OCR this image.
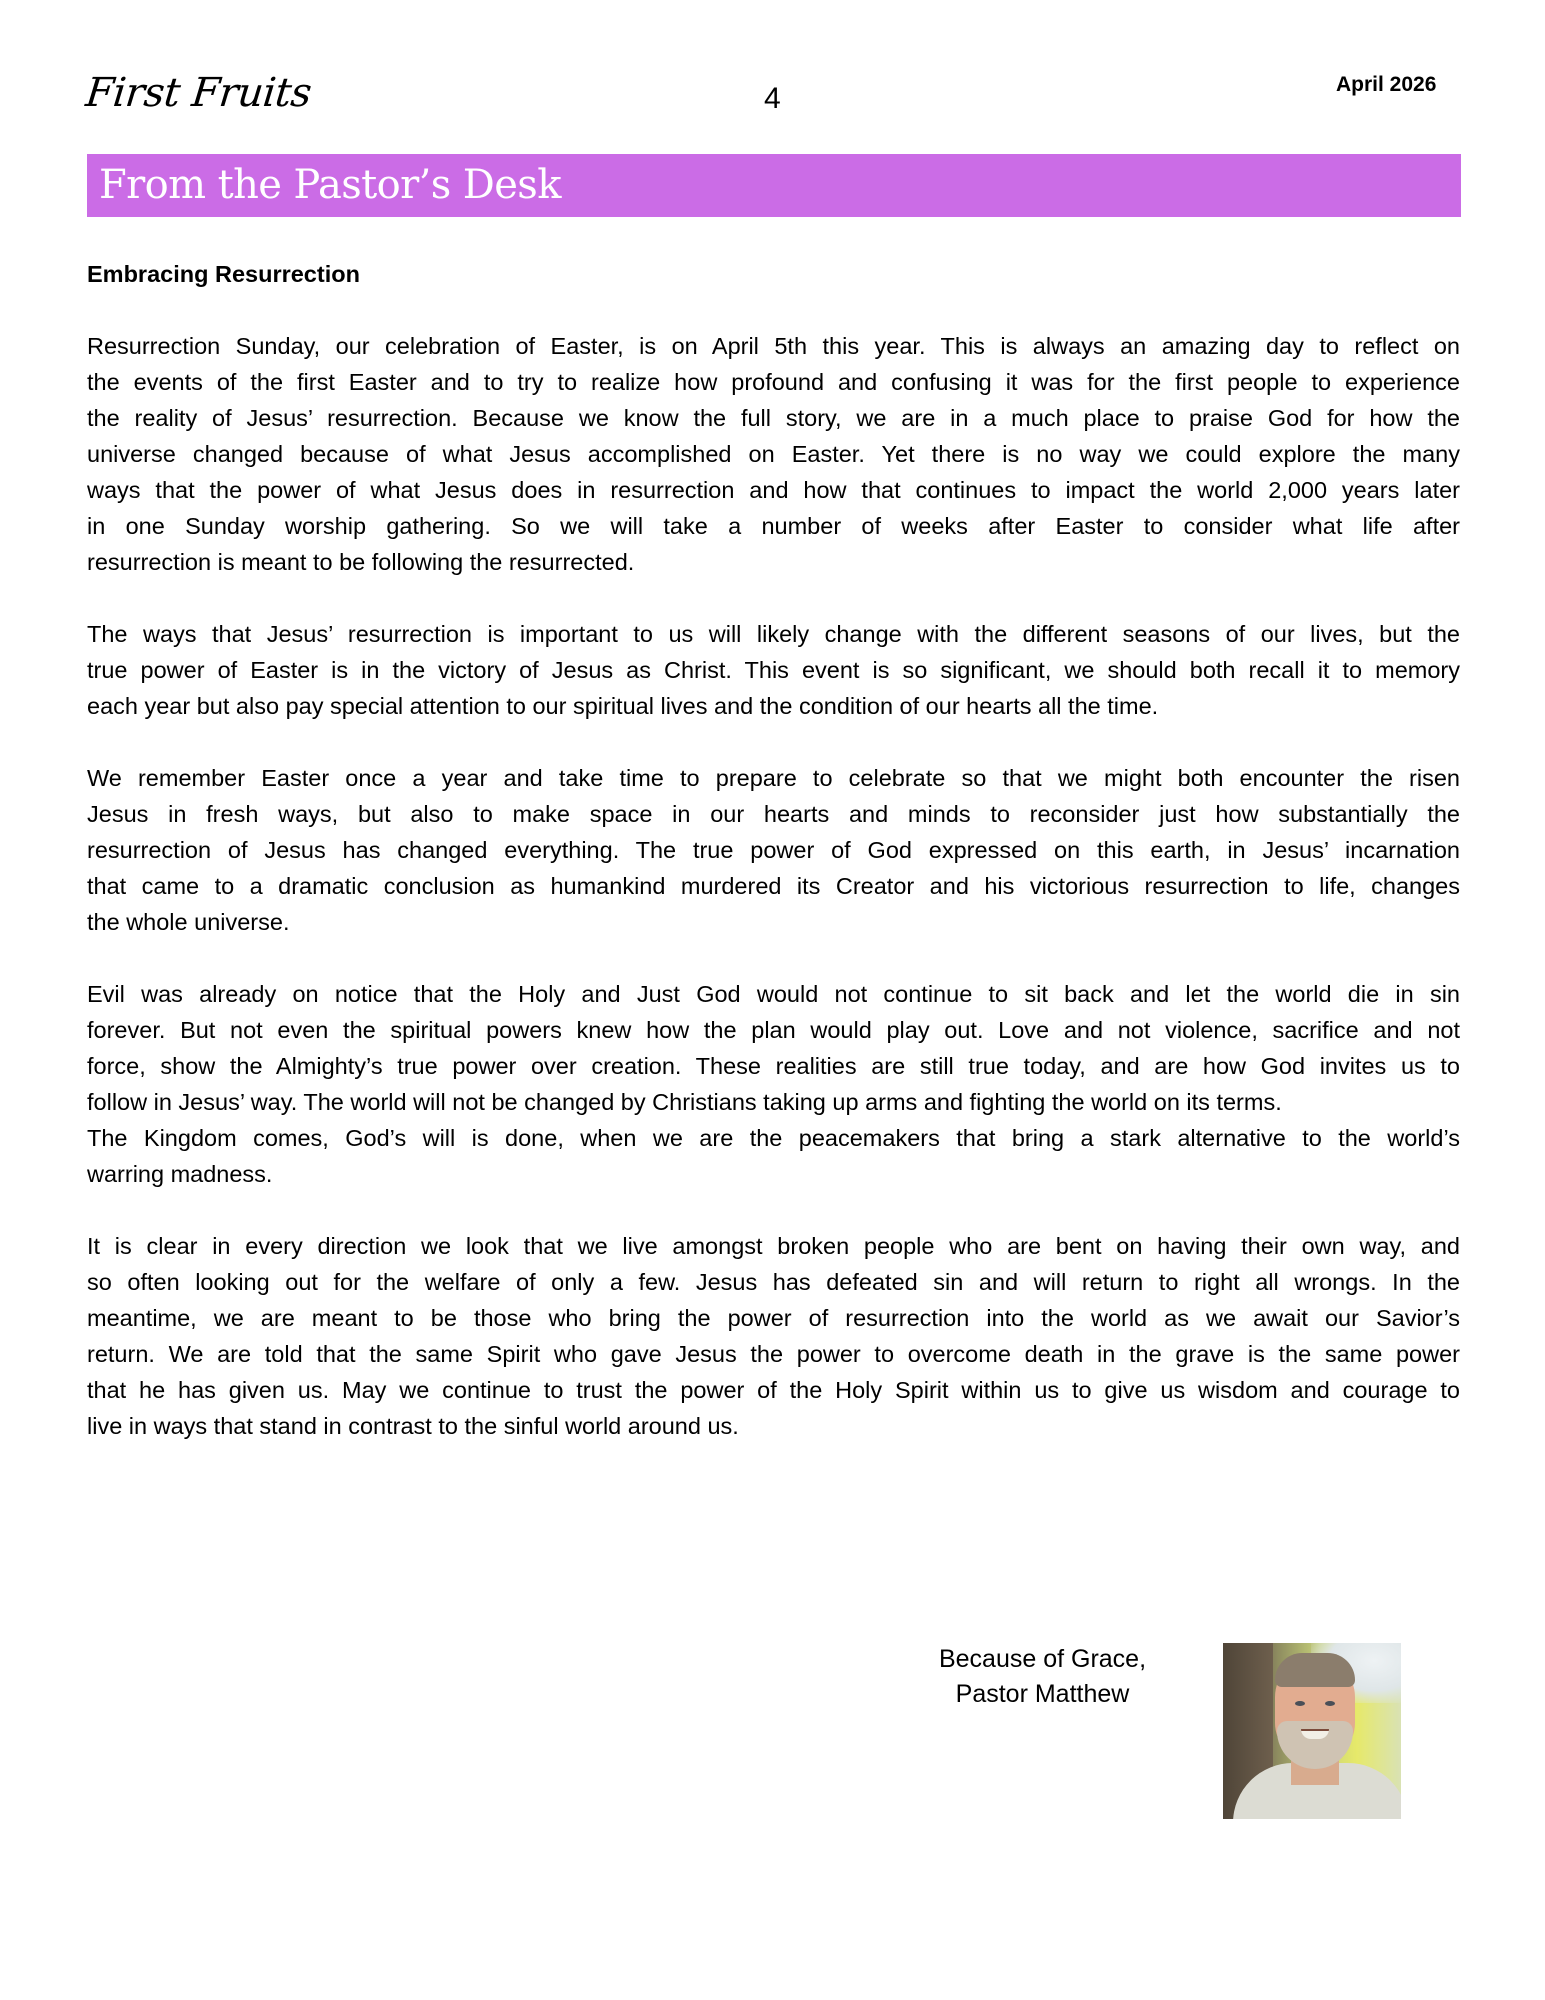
First Fruits	4	April 2026
From the Pastor’s Desk
Embracing Resurrection
Resurrection Sunday, our celebration of Easter, is on April 5th this year. This is always an amazing day to reflect on
the events of the first Easter and to try to realize how profound and confusing it was for the first people to experience
the reality of Jesus’ resurrection. Because we know the full story, we are in a much place to praise God for how the
universe changed because of what Jesus accomplished on Easter. Yet there is no way we could explore the many
ways that the power of what Jesus does in resurrection and how that continues to impact the world 2,000 years later
in one Sunday worship gathering. So we will take a number of weeks after Easter to consider what life after
resurrection is meant to be following the resurrected.
The ways that Jesus’ resurrection is important to us will likely change with the different seasons of our lives, but the
true power of Easter is in the victory of Jesus as Christ. This event is so significant, we should both recall it to memory
each year but also pay special attention to our spiritual lives and the condition of our hearts all the time.
We remember Easter once a year and take time to prepare to celebrate so that we might both encounter the risen
Jesus in fresh ways, but also to make space in our hearts and minds to reconsider just how substantially the
resurrection of Jesus has changed everything. The true power of God expressed on this earth, in Jesus’ incarnation
that came to a dramatic conclusion as humankind murdered its Creator and his victorious resurrection to life, changes
the whole universe.
Evil was already on notice that the Holy and Just God would not continue to sit back and let the world die in sin
forever. But not even the spiritual powers knew how the plan would play out. Love and not violence, sacrifice and not
force, show the Almighty’s true power over creation. These realities are still true today, and are how God invites us to
follow in Jesus’ way. The world will not be changed by Christians taking up arms and fighting the world on its terms.
The Kingdom comes, God’s will is done, when we are the peacemakers that bring a stark alternative to the world’s
warring madness.
It is clear in every direction we look that we live amongst broken people who are bent on having their own way, and
so often looking out for the welfare of only a few. Jesus has defeated sin and will return to right all wrongs. In the
meantime, we are meant to be those who bring the power of resurrection into the world as we await our Savior’s
return. We are told that the same Spirit who gave Jesus the power to overcome death in the grave is the same power
that he has given us. May we continue to trust the power of the Holy Spirit within us to give us wisdom and courage to
live in ways that stand in contrast to the sinful world around us.
Because of Grace,
Pastor Matthew
